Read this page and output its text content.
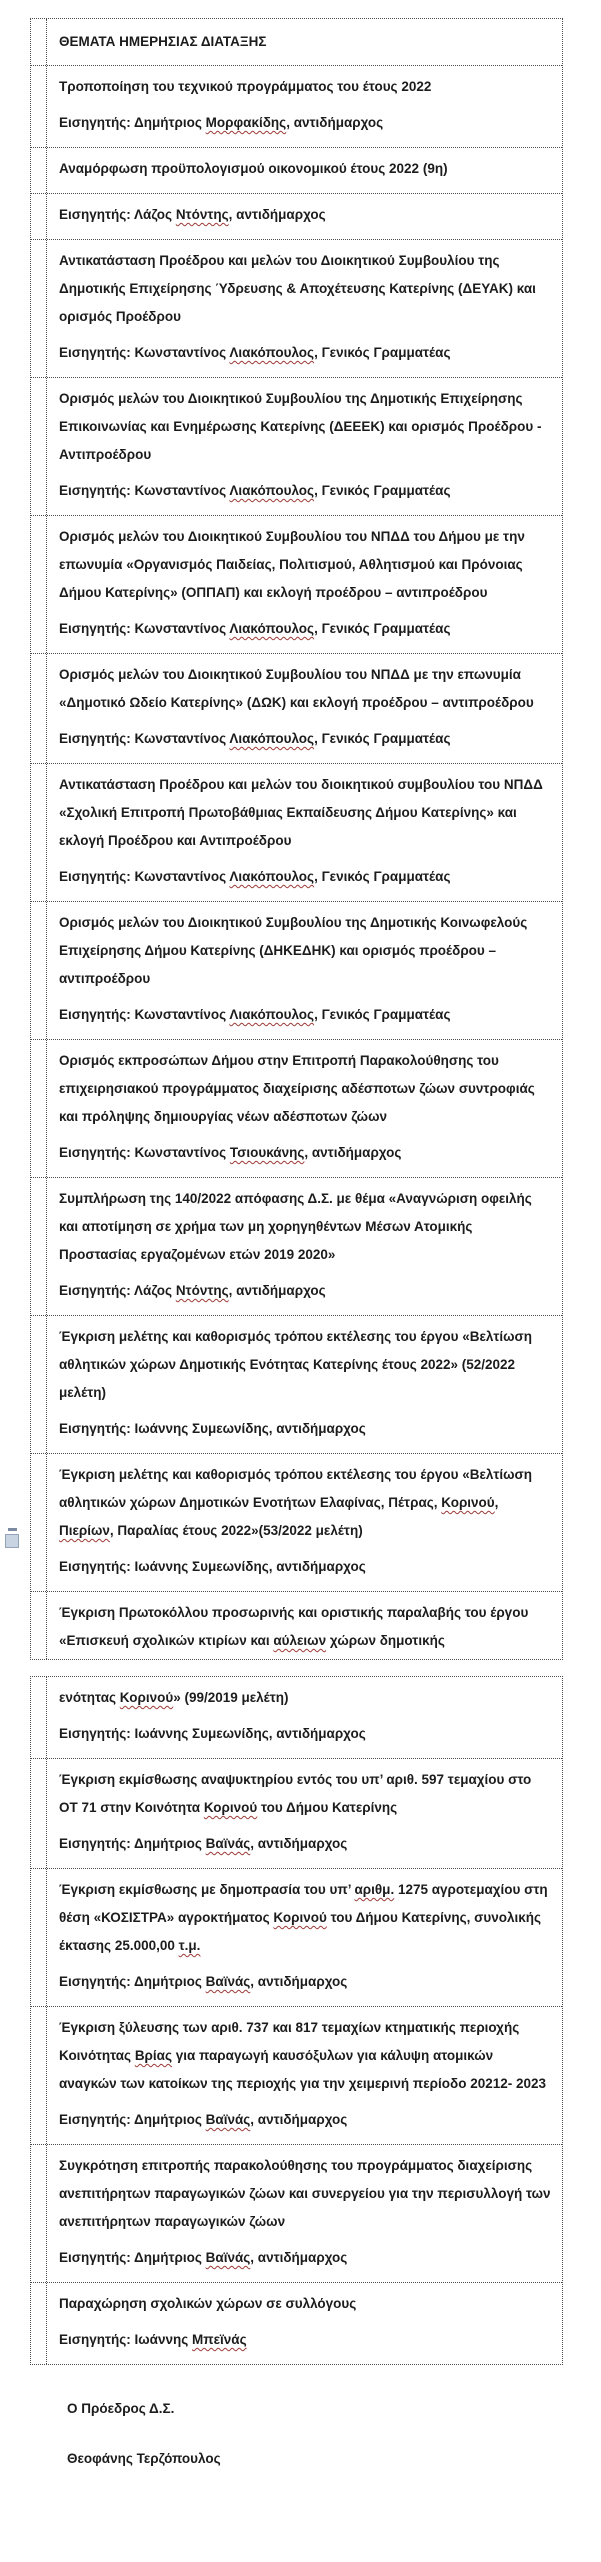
ΘΕΜΑΤΑ ΗΜΕΡΗΣΙΑΣ ΔΙΑΤΑΞΗΣ

Τροποποίηση του τεχνικού προγράμματος του έτους 2022

Εισηγητής: Δημήτριος Μορφακίδης, αντιδήμαρχος

Αναμόρφωση προϋπολογισμού οικονομικού έτους 2022 (9η)

Εισηγητής: Λάζος Ντόντης, αντιδήμαρχος

Αντικατάσταση Προέδρου και μελών του Διοικητικού Συμβουλίου της Δημοτικής Επιχείρησης Ύδρευσης & Αποχέτευσης Κατερίνης (ΔΕΥΑΚ) και ορισμός Προέδρου

Εισηγητής: Κωνσταντίνος Λιακόπουλος, Γενικός Γραμματέας

Ορισμός μελών του Διοικητικού Συμβουλίου της Δημοτικής Επιχείρησης Επικοινωνίας και Ενημέρωσης Κατερίνης (ΔΕΕΕΚ) και ορισμός Προέδρου - Αντιπροέδρου

Εισηγητής: Κωνσταντίνος Λιακόπουλος, Γενικός Γραμματέας

Ορισμός μελών του Διοικητικού Συμβουλίου του ΝΠΔΔ του Δήμου με την επωνυμία «Οργανισμός Παιδείας, Πολιτισμού, Αθλητισμού και Πρόνοιας Δήμου Κατερίνης» (ΟΠΠΑΠ) και εκλογή προέδρου – αντιπροέδρου

Εισηγητής: Κωνσταντίνος Λιακόπουλος, Γενικός Γραμματέας

Ορισμός μελών του Διοικητικού Συμβουλίου του ΝΠΔΔ με την επωνυμία «Δημοτικό Ωδείο Κατερίνης» (ΔΩΚ) και εκλογή προέδρου – αντιπροέδρου

Εισηγητής: Κωνσταντίνος Λιακόπουλος, Γενικός Γραμματέας

Αντικατάσταση Προέδρου και μελών του διοικητικού συμβουλίου του ΝΠΔΔ «Σχολική Επιτροπή Πρωτοβάθμιας Εκπαίδευσης Δήμου Κατερίνης» και εκλογή Προέδρου και Αντιπροέδρου

Εισηγητής: Κωνσταντίνος Λιακόπουλος, Γενικός Γραμματέας

Ορισμός μελών του Διοικητικού Συμβουλίου της Δημοτικής Κοινωφελούς Επιχείρησης Δήμου Κατερίνης (ΔΗΚΕΔΗΚ) και ορισμός προέδρου – αντιπροέδρου

Εισηγητής: Κωνσταντίνος Λιακόπουλος, Γενικός Γραμματέας

Ορισμός εκπροσώπων Δήμου στην Επιτροπή Παρακολούθησης του επιχειρησιακού προγράμματος διαχείρισης αδέσποτων ζώων συντροφιάς και πρόληψης δημιουργίας νέων αδέσποτων ζώων

Εισηγητής: Κωνσταντίνος Τσιουκάνης, αντιδήμαρχος

Συμπλήρωση της 140/2022 απόφασης Δ.Σ. με θέμα «Αναγνώριση οφειλής και αποτίμηση σε χρήμα των μη χορηγηθέντων Μέσων Ατομικής Προστασίας εργαζομένων ετών 2019 2020»

Εισηγητής: Λάζος Ντόντης, αντιδήμαρχος

Έγκριση μελέτης και καθορισμός τρόπου εκτέλεσης του έργου «Βελτίωση αθλητικών χώρων Δημοτικής Ενότητας Κατερίνης έτους 2022» (52/2022 μελέτη)

Εισηγητής: Ιωάννης Συμεωνίδης, αντιδήμαρχος

Έγκριση μελέτης και καθορισμός τρόπου εκτέλεσης του έργου «Βελτίωση αθλητικών χώρων Δημοτικών Ενοτήτων Ελαφίνας, Πέτρας, Κορινού, Πιερίων, Παραλίας έτους 2022»(53/2022 μελέτη)

Εισηγητής: Ιωάννης Συμεωνίδης, αντιδήμαρχος

Έγκριση Πρωτοκόλλου προσωρινής και οριστικής παραλαβής του έργου «Επισκευή σχολικών κτιρίων και αύλειων χώρων δημοτικής

ενότητας Κορινού» (99/2019 μελέτη)

Εισηγητής: Ιωάννης Συμεωνίδης, αντιδήμαρχος

Έγκριση εκμίσθωσης αναψυκτηρίου εντός του υπ’ αριθ. 597 τεμαχίου στο ΟΤ 71 στην Κοινότητα Κορινού του Δήμου Κατερίνης

Εισηγητής: Δημήτριος Βαϊνάς, αντιδήμαρχος

Έγκριση εκμίσθωσης με δημοπρασία του υπ’ αριθμ. 1275 αγροτεμαχίου στη θέση «ΚΟΣΙΣΤΡΑ» αγροκτήματος Κορινού του Δήμου Κατερίνης, συνολικής έκτασης 25.000,00 τ.μ.

Εισηγητής: Δημήτριος Βαϊνάς, αντιδήμαρχος

Έγκριση ξύλευσης των αριθ. 737 και 817 τεμαχίων κτηματικής περιοχής Κοινότητας Βρίας για παραγωγή καυσόξυλων για κάλυψη ατομικών αναγκών των κατοίκων της περιοχής για την χειμερινή περίοδο 20212- 2023

Εισηγητής: Δημήτριος Βαϊνάς, αντιδήμαρχος

Συγκρότηση επιτροπής παρακολούθησης του προγράμματος διαχείρισης ανεπιτήρητων παραγωγικών ζώων και συνεργείου για την περισυλλογή των ανεπιτήρητων παραγωγικών ζώων

Εισηγητής: Δημήτριος Βαϊνάς, αντιδήμαρχος

Παραχώρηση σχολικών χώρων σε συλλόγους

Εισηγητής: Ιωάννης Μπεϊνάς

Ο Πρόεδρος Δ.Σ.

Θεοφάνης Τερζόπουλος
